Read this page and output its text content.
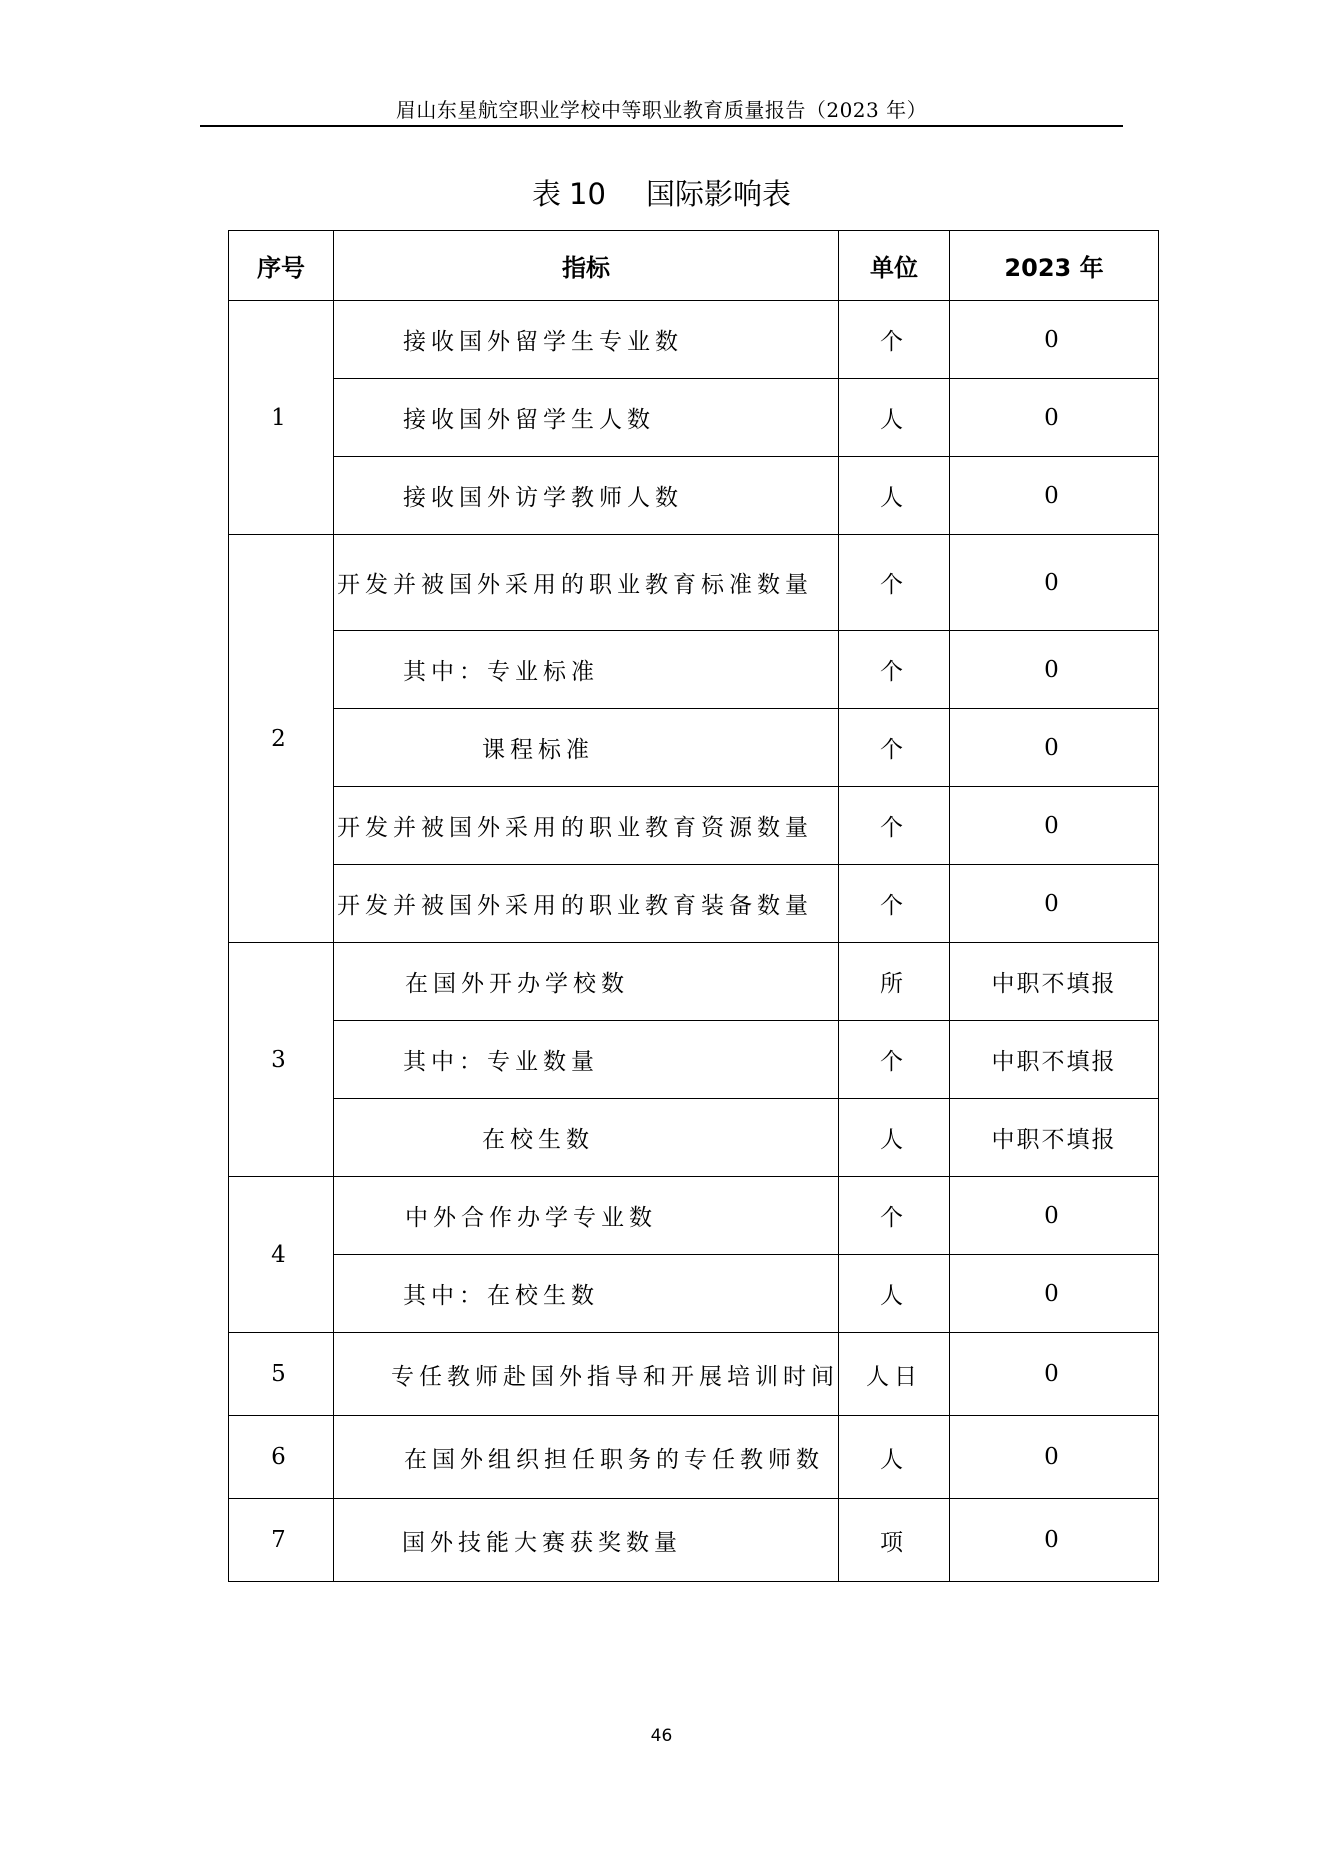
眉山东星航空职业学校中等职业教育质量报告（2023 年）
表 10 国际影响表
序号	指标	单位	2023 年
1	接收国外留学生专业数	个	0
	接收国外留学生人数	人	0
	接收国外访学教师人数	人	0
2	开发并被国外采用的职业教育标准数量	个	0
	其中：专业标准	个	0
	课程标准	个	0
	开发并被国外采用的职业教育资源数量	个	0
	开发并被国外采用的职业教育装备数量	个	0
3	在国外开办学校数	所	中职不填报
	其中：专业数量	个	中职不填报
	在校生数	人	中职不填报
4	中外合作办学专业数	个	0
	其中：在校生数	人	0
5	专任教师赴国外指导和开展培训时间	人日	0
6	在国外组织担任职务的专任教师数	人	0
7	国外技能大赛获奖数量	项	0
46
